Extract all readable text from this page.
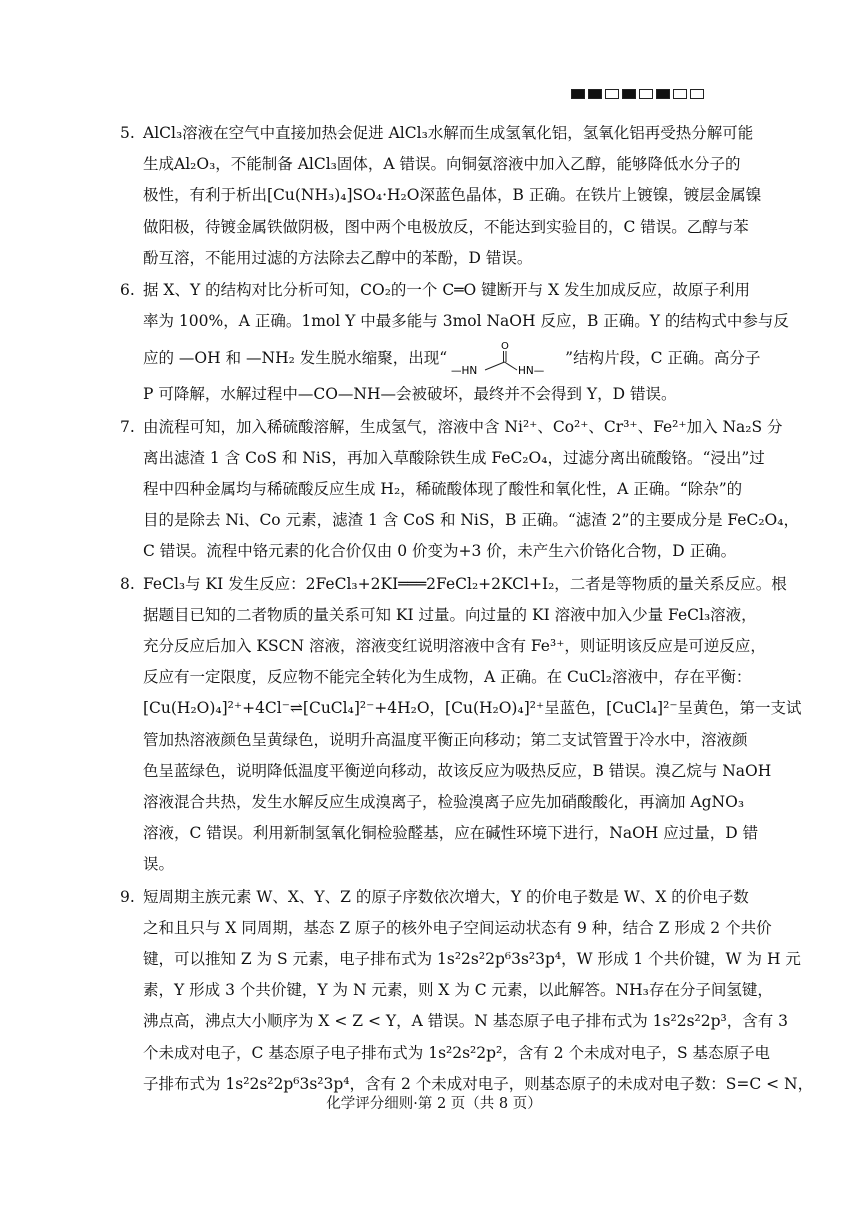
5. AlCl₃溶液在空气中直接加热会促进 AlCl₃水解而生成氢氧化铝，氢氧化铝再受热分解可能

生成Al₂O₃，不能制备 AlCl₃固体，A 错误。向铜氨溶液中加入乙醇，能够降低水分子的

极性，有利于析出[Cu(NH₃)₄]SO₄·H₂O深蓝色晶体，B 正确。在铁片上镀镍，镀层金属镍

做阳极，待镀金属铁做阴极，图中两个电极放反，不能达到实验目的，C 错误。乙醇与苯

酚互溶，不能用过滤的方法除去乙醇中的苯酚，D 错误。

6. 据 X、Y 的结构对比分析可知，CO₂的一个 C═O 键断开与 X 发生加成反应，故原子利用

率为 100%，A 正确。1mol Y 中最多能与 3mol NaOH 反应，B 正确。Y 的结构式中参与反

应的 —OH 和 —NH₂ 发生脱水缩聚，出现“
O
—HN	HN—
”结构片段，C 正确。高分子

P 可降解，水解过程中—CO—NH—会被破坏，最终并不会得到 Y，D 错误。

7. 由流程可知，加入稀硫酸溶解，生成氢气，溶液中含 Ni²⁺、Co²⁺、Cr³⁺、Fe²⁺加入 Na₂S 分

离出滤渣 1 含 CoS 和 NiS，再加入草酸除铁生成 FeC₂O₄，过滤分离出硫酸铬。“浸出”过

程中四种金属均与稀硫酸反应生成 H₂，稀硫酸体现了酸性和氧化性，A 正确。“除杂”的

目的是除去 Ni、Co 元素，滤渣 1 含 CoS 和 NiS，B 正确。“滤渣 2”的主要成分是 FeC₂O₄，

C 错误。流程中铬元素的化合价仅由 0 价变为+3 价，未产生六价铬化合物，D 正确。

8. FeCl₃与 KI 发生反应：2FeCl₃+2KI═══2FeCl₂+2KCl+I₂，二者是等物质的量关系反应。根

据题目已知的二者物质的量关系可知 KI 过量。向过量的 KI 溶液中加入少量 FeCl₃溶液，

充分反应后加入 KSCN 溶液，溶液变红说明溶液中含有 Fe³⁺，则证明该反应是可逆反应，

反应有一定限度，反应物不能完全转化为生成物，A 正确。在 CuCl₂溶液中，存在平衡：

[Cu(H₂O)₄]²⁺+4Cl⁻⇌[CuCl₄]²⁻+4H₂O，[Cu(H₂O)₄]²⁺呈蓝色，[CuCl₄]²⁻呈黄色，第一支试

管加热溶液颜色呈黄绿色，说明升高温度平衡正向移动；第二支试管置于冷水中，溶液颜

色呈蓝绿色，说明降低温度平衡逆向移动，故该反应为吸热反应，B 错误。溴乙烷与 NaOH

溶液混合共热，发生水解反应生成溴离子，检验溴离子应先加硝酸酸化，再滴加 AgNO₃

溶液，C 错误。利用新制氢氧化铜检验醛基，应在碱性环境下进行，NaOH 应过量，D 错

误。

9. 短周期主族元素 W、X、Y、Z 的原子序数依次增大，Y 的价电子数是 W、X 的价电子数

之和且只与 X 同周期，基态 Z 原子的核外电子空间运动状态有 9 种，结合 Z 形成 2 个共价

键，可以推知 Z 为 S 元素，电子排布式为 1s²2s²2p⁶3s²3p⁴，W 形成 1 个共价键，W 为 H 元

素，Y 形成 3 个共价键，Y 为 N 元素，则 X 为 C 元素，以此解答。NH₃存在分子间氢键，

沸点高，沸点大小顺序为 X < Z < Y，A 错误。N 基态原子电子排布式为 1s²2s²2p³，含有 3

个未成对电子，C 基态原子电子排布式为 1s²2s²2p²，含有 2 个未成对电子，S 基态原子电

子排布式为 1s²2s²2p⁶3s²3p⁴，含有 2 个未成对电子，则基态原子的未成对电子数：S=C < N，

化学评分细则·第 2 页（共 8 页）
